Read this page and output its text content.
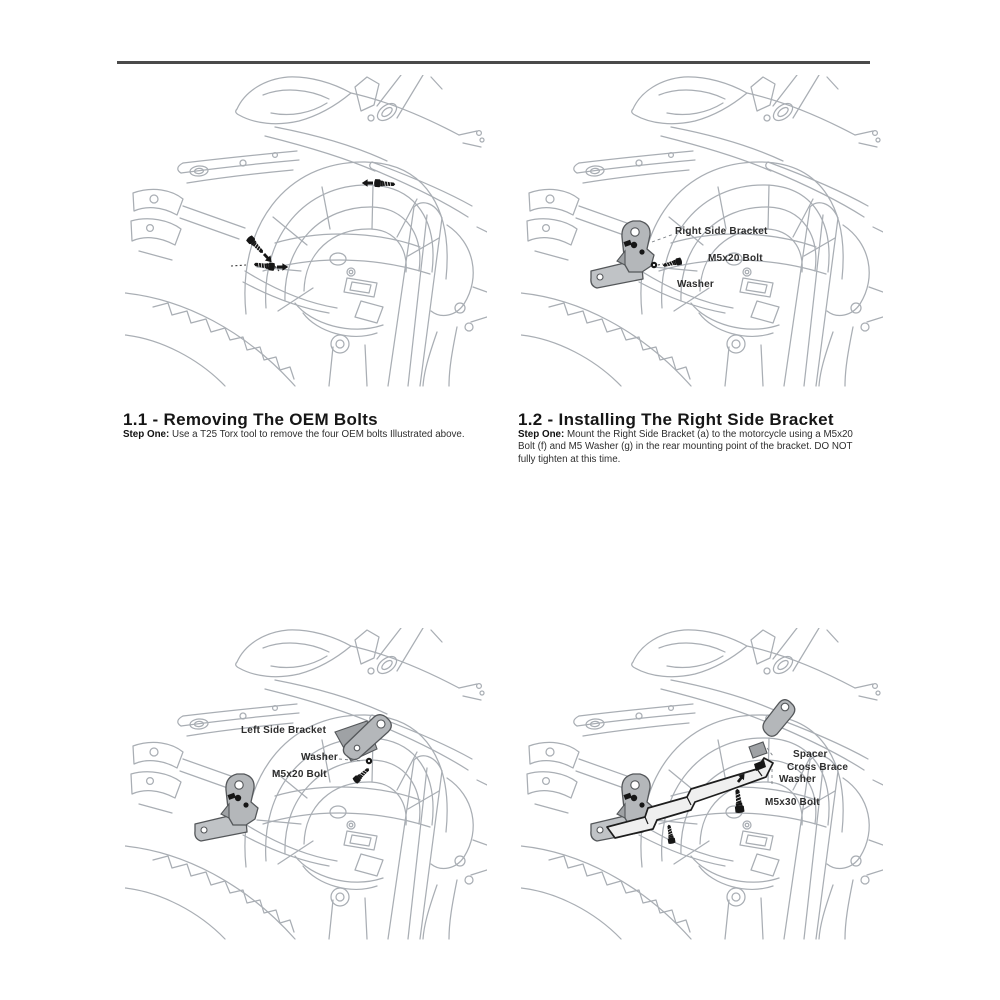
Right Side Bracket
M5x20 Bolt
Washer
Left Side Bracket
Washer
M5x20 Bolt
Spacer
Cross Brace
Washer
M5x30 Bolt
1.1 - Removing The OEM Bolts

Step One: Use a T25 Torx tool to remove the four OEM bolts Illustrated above.

1.2 - Installing The Right Side Bracket

Step One: Mount the Right Side Bracket (a) to the motorcycle using a M5x20 Bolt (f) and M5 Washer (g) in the rear mounting point of the bracket. DO NOT fully tighten at this time.
